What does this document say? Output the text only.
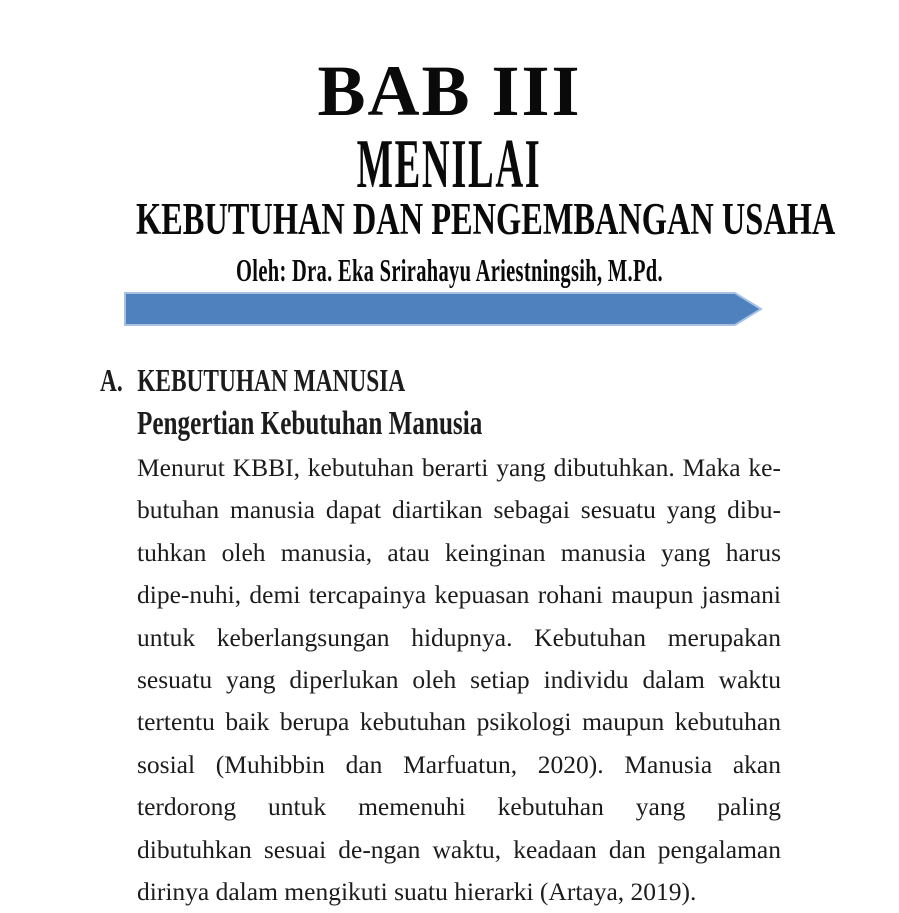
BAB III
MENILAI
KEBUTUHAN DAN PENGEMBANGAN USAHA
Oleh: Dra. Eka Srirahayu Ariestningsih, M.Pd.
A. KEBUTUHAN MANUSIA
Pengertian Kebutuhan Manusia
Menurut KBBI, kebutuhan berarti yang dibutuhkan. Maka ke-
butuhan manusia dapat diartikan sebagai sesuatu yang dibu-
tuhkan oleh manusia, atau keinginan manusia yang harus
dipe-nuhi, demi tercapainya kepuasan rohani maupun jasmani
untuk keberlangsungan hidupnya. Kebutuhan merupakan
sesuatu yang diperlukan oleh setiap individu dalam waktu
tertentu baik berupa kebutuhan psikologi maupun kebutuhan
sosial (Muhibbin dan Marfuatun, 2020). Manusia akan
terdorong untuk memenuhi kebutuhan yang paling
dibutuhkan sesuai de-ngan waktu, keadaan dan pengalaman
dirinya dalam mengikuti suatu hierarki (Artaya, 2019).
